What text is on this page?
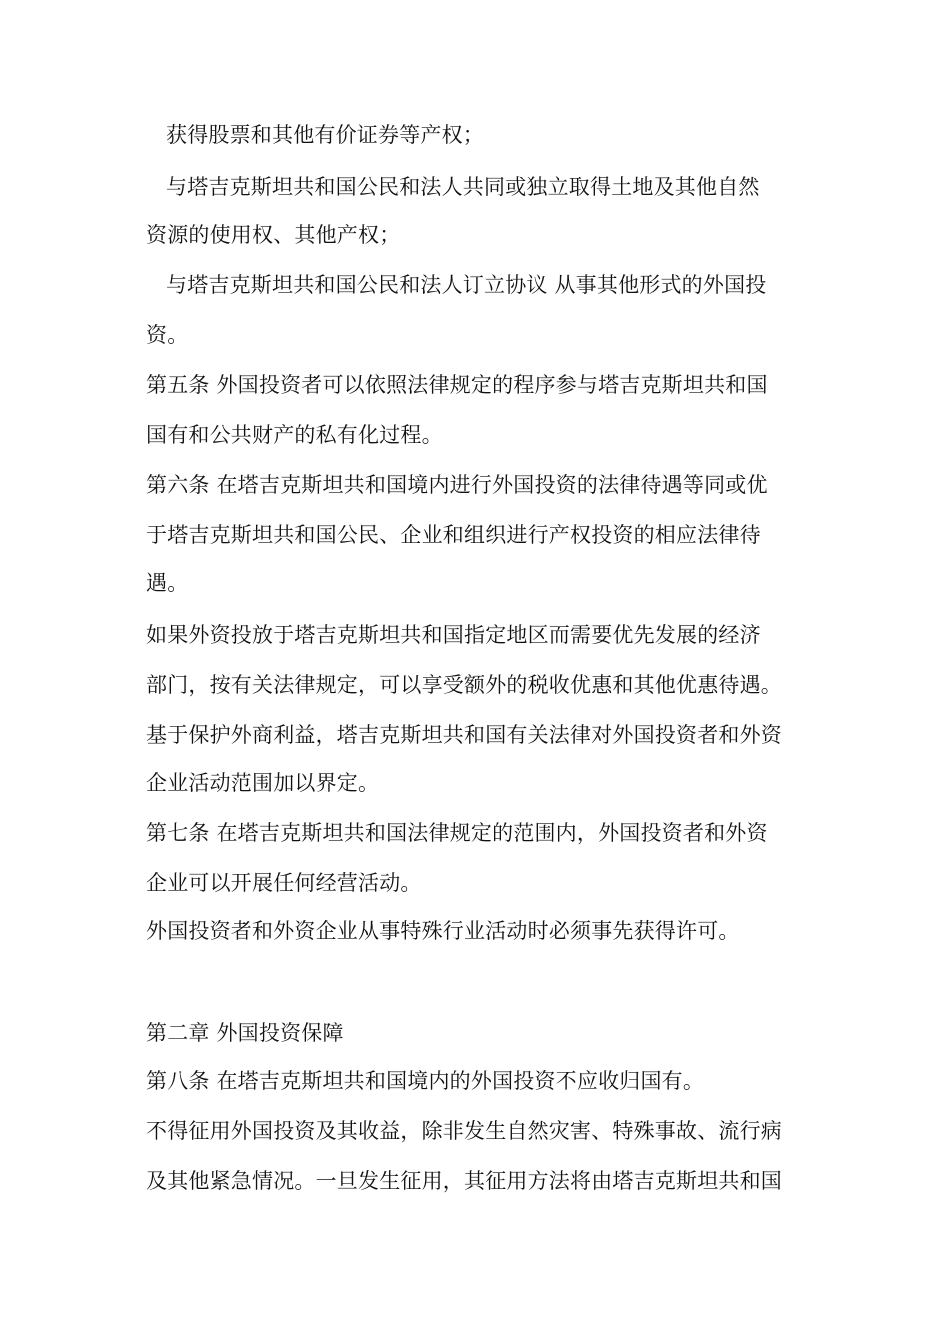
获得股票和其他有价证券等产权；
与塔吉克斯坦共和国公民和法人共同或独立取得土地及其他自然
资源的使用权、其他产权；
与塔吉克斯坦共和国公民和法人订立协议 从事其他形式的外国投
资。
第五条 外国投资者可以依照法律规定的程序参与塔吉克斯坦共和国
国有和公共财产的私有化过程。
第六条 在塔吉克斯坦共和国境内进行外国投资的法律待遇等同或优
于塔吉克斯坦共和国公民、企业和组织进行产权投资的相应法律待
遇。
如果外资投放于塔吉克斯坦共和国指定地区而需要优先发展的经济
部门，按有关法律规定，可以享受额外的税收优惠和其他优惠待遇。
基于保护外商利益，塔吉克斯坦共和国有关法律对外国投资者和外资
企业活动范围加以界定。
第七条 在塔吉克斯坦共和国法律规定的范围内，外国投资者和外资
企业可以开展任何经营活动。
外国投资者和外资企业从事特殊行业活动时必须事先获得许可。
第二章 外国投资保障
第八条 在塔吉克斯坦共和国境内的外国投资不应收归国有。
不得征用外国投资及其收益，除非发生自然灾害、特殊事故、流行病
及其他紧急情况。一旦发生征用，其征用方法将由塔吉克斯坦共和国
